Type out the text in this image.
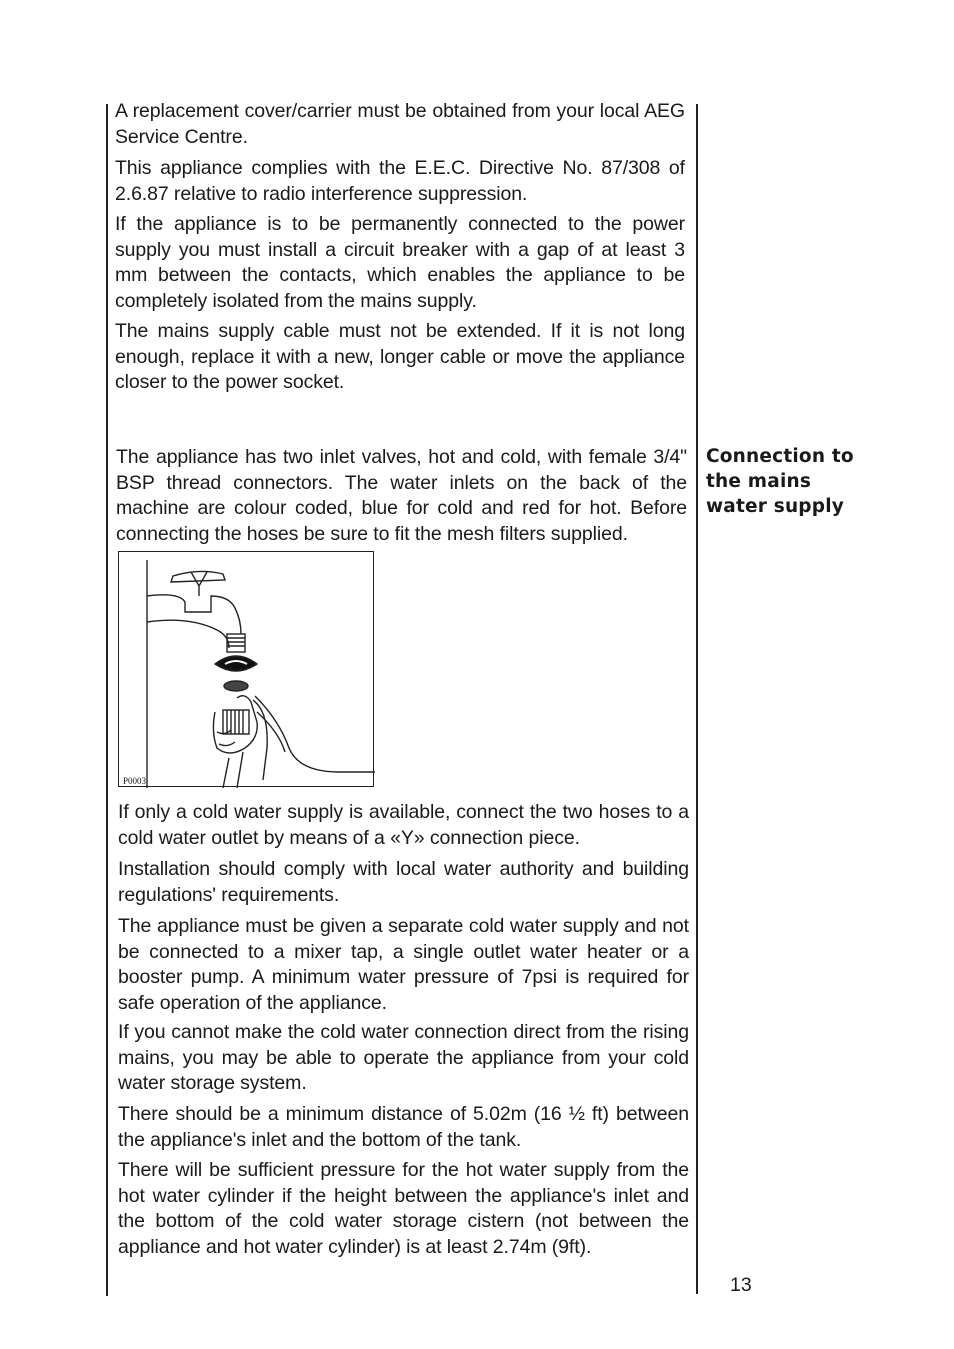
A replacement cover/carrier must be obtained from your local AEG Service Centre.

This appliance complies with the E.E.C. Directive No. 87/308 of 2.6.87 relative to radio interference suppression.

If the appliance is to be permanently connected to the power supply you must install a circuit breaker with a gap of at least 3 mm between the contacts, which enables the appliance to be completely isolated from the mains supply.

The mains supply cable must not be extended. If it is not long enough, replace it with a new, longer cable or move the appliance closer to the power socket.

Connection to the mains water supply

The appliance has two inlet valves, hot and cold, with female 3/4" BSP thread connectors. The water inlets on the back of the machine are colour coded, blue for cold and red for hot. Before connecting the hoses be sure to fit the mesh filters supplied.

P0003

If only a cold water supply is available, connect the two hoses to a cold water outlet by means of a «Y» connection piece.

Installation should comply with local water authority and building regulations' requirements.

The appliance must be given a separate cold water supply and not be connected to a mixer tap, a single outlet water heater or a booster pump. A minimum water pressure of 7psi is required for safe operation of the appliance.

If you cannot make the cold water connection direct from the rising mains, you may be able to operate the appliance from your cold water storage system.

There should be a minimum distance of 5.02m (16 ½ ft) between the appliance's inlet and the bottom of the tank.

There will be sufficient pressure for the hot water supply from the hot water cylinder if the height between the appliance's inlet and the bottom of the cold water storage cistern (not between the appliance and hot water cylinder) is at least 2.74m (9ft).

13
